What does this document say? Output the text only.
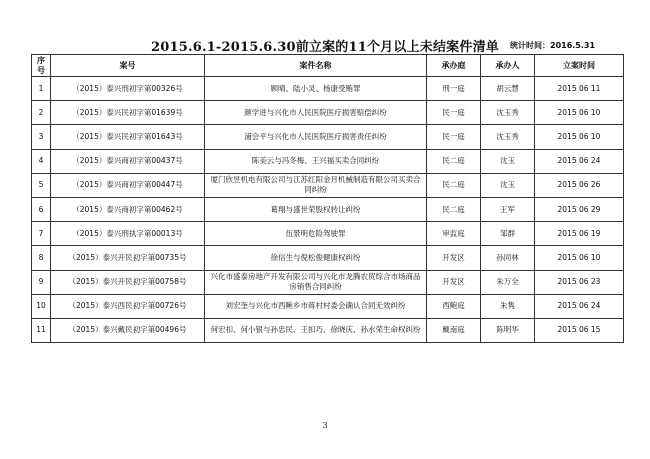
2015.6.1-2015.6.30前立案的11个月以上未结案件清单	统计时间：2016.5.31
序号	案号	案件名称	承办庭	承办人	立案时间
1	（2015）泰兴刑初字第00326号	顾晴、陆小灵、杨康受贿罪	刑一庭	胡云慧	2015 06 11
2	（2015）泰兴民初字第01639号	颜学进与兴化市人民医院医疗损害赔偿纠纷	民一庭	沈玉秀	2015 06 10
3	（2015）泰兴民初字第01643号	浦会平与兴化市人民医院医疗损害责任纠纷	民一庭	沈玉秀	2015 06 10
4	（2015）泰兴商初字第00437号	陈美云与冯冬梅、王兴福买卖合同纠纷	民二庭	沈玉	2015 06 24
5	（2015）泰兴商初字第00447号	厦门欣昱机电有限公司与江苏红阳金月机械制造有限公司买卖合同纠纷	民二庭	沈玉	2015 06 26
6	（2015）泰兴商初字第00462号	葛翔与盛世荣股权转让纠纷	民二庭	王军	2015 06 29
7	（2015）泰兴刑执字第00013号	伍景明危险驾驶罪	审监庭	邹群	2015 06 19
8	（2015）泰兴开民初字第00735号	徐信生与倪松俊健康权纠纷	开发区	孙同林	2015 06 10
9	（2015）泰兴开民初字第00758号	兴化市盛泰房地产开发有限公司与兴化市龙腾农贸综合市场商品房销售合同纠纷	开发区	朱万全	2015 06 23
10	（2015）泰兴西民初字第00726号	刘宏奎与兴化市西鲍乡市蒋村村委会确认合同无效纠纷	西鲍庭	朱隽	2015 06 24
11	（2015）泰兴戴民初字第00496号	何宏扣、何小银与孙忠民、王扣巧、徐晓庆、孙水荣生命权纠纷	戴南庭	陈明华	2015 06 15
3
